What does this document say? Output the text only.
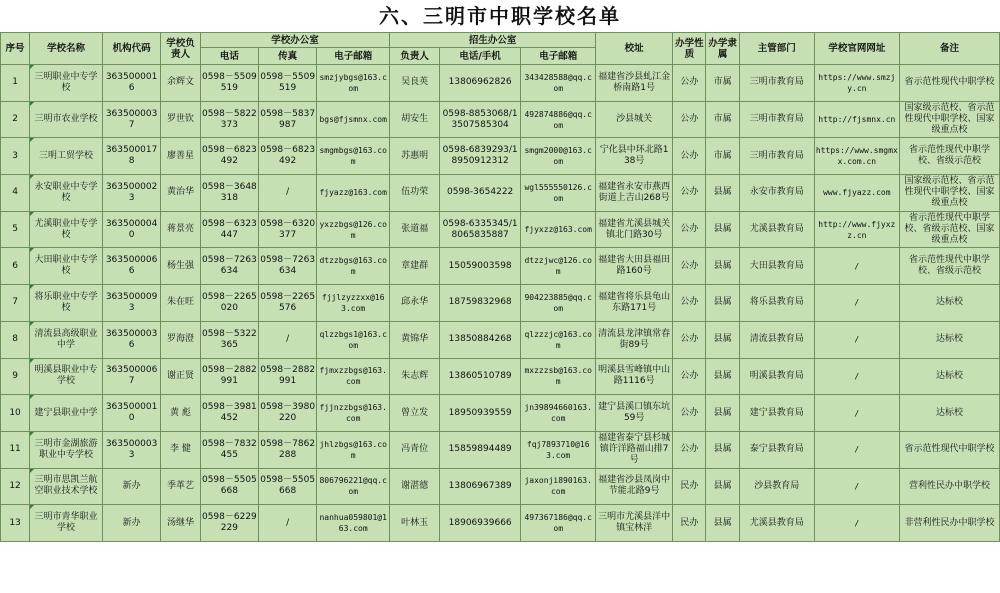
六、三明市中职学校名单
序号	学校名称	机构代码	学校负责人	学校办公室			招生办公室			校址	办学性质	办学隶属	主管部门	学校官网网址	备注
				电话	传真	电子邮箱	负责人	电话/手机	电子邮箱						
1	三明职业中专学校	3635000016	余辉文	0598－5509519	0598－5509519	smzjybgs@163.com	吴良英	13806962826	343428588@qq.com	福建省沙县虬江金桥南路1号	公办	市属	三明市教育局	https://www.smzjy.cn	省示范性现代中职学校
2	三明市农业学校	3635000037	罗世钦	0598－5822373	0598－5837987	bgs@fjsmnx.com	胡安生	0598-8853068/13507585304	492874886@qq.com	沙县城关	公办	市属	三明市教育局	http://fjsmnx.cn	国家级示范校、省示范性现代中职学校、国家级重点校
3	三明工贸学校	3635000178	廖善星	0598－6823492	0598－6823492	smgmbgs@163.com	苏惠明	0598-6839293/18950912312	smgm2000@163.com	宁化县中环北路138号	公办	市属	三明市教育局	https://www.smgmxx.com.cn	省示范性现代中职学校、省级示范校
4	永安职业中专学校	3635000023	黄治华	0598－3648318	/	fjyazz@163.com	伍功荣	0598-3654222	wgl555550126.com	福建省永安市燕西街道上吉山268号	公办	县属	永安市教育局	www.fjyazz.com	国家级示范校、省示范性现代中职学校、国家级重点校
5	尤溪职业中专学校	3635000040	蒋景亮	0598－6323447	0598－6320377	yxzzbgs@126.com	张道福	0598-6335345/18065835887	fjyxzz@163.com	福建省尤溪县城关镇北门路30号	公办	县属	尤溪县教育局	http://www.fjyxzz.cn	省示范性现代中职学校、省级示范校、国家级重点校
6	大田职业中专学校	3635000066	杨生强	0598－7263634	0598－7263634	dtzzbgs@163.com	章建群	15059003598	dtzzjwc@126.com	福建省大田县福田路160号	公办	县属	大田县教育局	/	省示范性现代中职学校、省级示范校
7	将乐职业中专学校	3635000093	朱在旺	0598－2265020	0598－2265576	fjjlzyzzxx@163.com	邱永华	18759832968	904223885@qq.com	福建省将乐县龟山东路171号	公办	县属	将乐县教育局	/	达标校
8	清流县高级职业中学	3635000036	罗海澄	0598－5322365	/	qlzzbgs1@163.com	黄锦华	13850884268	qlzzzjc@163.com	清流县龙津镇常春街89号	公办	县属	清流县教育局	/	达标校
9	明溪县职业中专学校	3635000067	谢正贤	0598－2882991	0598－2882991	fjmxzzbgs@163.com	朱志辉	13860510789	mxzzzsb@163.com	明溪县雪峰镇中山路1116号	公办	县属	明溪县教育局	/	达标校
10	建宁县职业中学	3635000010	黄 彪	0598－3981452	0598－3980220	fjjnzzbgs@163.com	曾立发	18950939559	jn39894660163.com	建宁县溪口镇东坑59号	公办	县属	建宁县教育局	/	达标校
11	三明市金湖旅游职业中专学校	3635000033	李 健	0598－7832455	0598－7862288	jhlzbgs@163.com	冯青位	15859894489	fqj7893710@163.com	福建省泰宁县杉城镇许洋路福山排7号	公办	县属	泰宁县教育局	/	省示范性现代中职学校
12	三明市思凯兰航空职业技术学校	新办	季革艺	0598－5505668	0598－5505668	806796221@qq.com	谢湛德	13806967389	jaxonji890163.com	福建省沙县凤岗中节能北路9号	民办	县属	沙县教育局	/	营利性民办中职学校
13	三明市青华职业学校	新办	汤继华	0598－6229229	/	nanhua059801@163.com	叶林玉	18906939666	497367186@qq.com	三明市尤溪县洋中镇宝林洋	民办	县属	尤溪县教育局	/	非营利性民办中职学校
